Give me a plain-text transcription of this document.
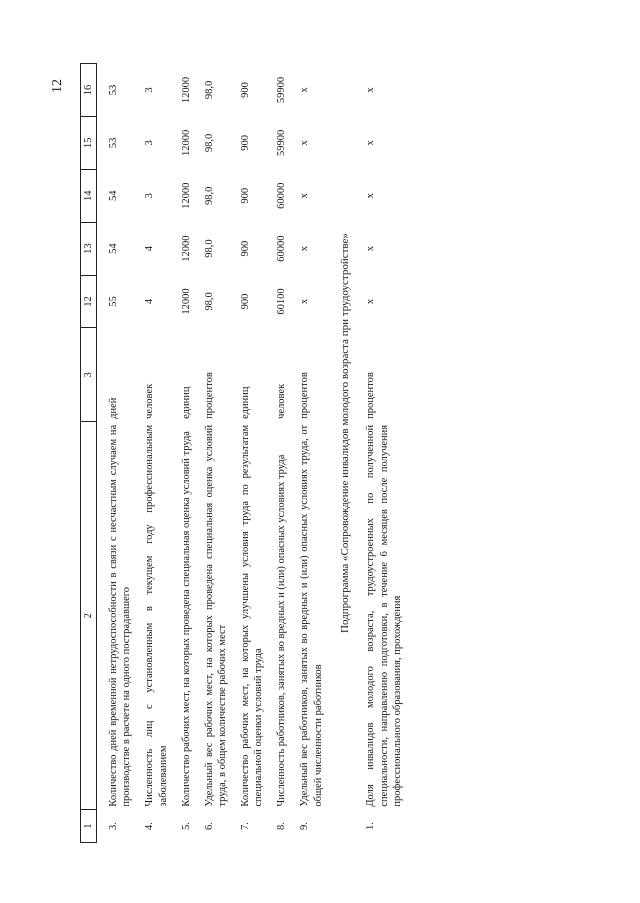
12
1	2	3	12	13	14	15	16
3.	Количество дней временной нетрудоспособности в связи с несчастным случаем на производстве в расчете на одного пострадавшего	дней	55	54	54	53	53
4.	Численность лиц с установленным в текущем году профессиональным заболеванием	человек	4	4	3	3	3
5.	Количество рабочих мест, на которых проведена специальная оценка условий труда	единиц	12000	12000	12000	12000	12000
6.	Удельный вес рабочих мест, на которых проведена специальная оценка условий труда, в общем количестве рабочих мест	процентов	98,0	98,0	98,0	98,0	98,0
7.	Количество рабочих мест, на которых улучшены условия труда по результатам специальной оценки условий труда	единиц	900	900	900	900	900
8.	Численность работников, занятых во вредных и (или) опасных условиях труда	человек	60100	60000	60000	59900	59900
9.	Удельный вес работников, занятых во вредных и (или) опасных условиях труда, от общей численности работников	процентов	х	х	х	х	х
Подпрограмма «Сопровождение инвалидов молодого возраста при трудоустройстве»							
1.	Доля инвалидов молодого возраста, трудоустроенных по полученной специальности, направлению подготовки, в течение 6 месяцев после получения профессионального образования, прохождения	процентов	х	х	х	х	х
